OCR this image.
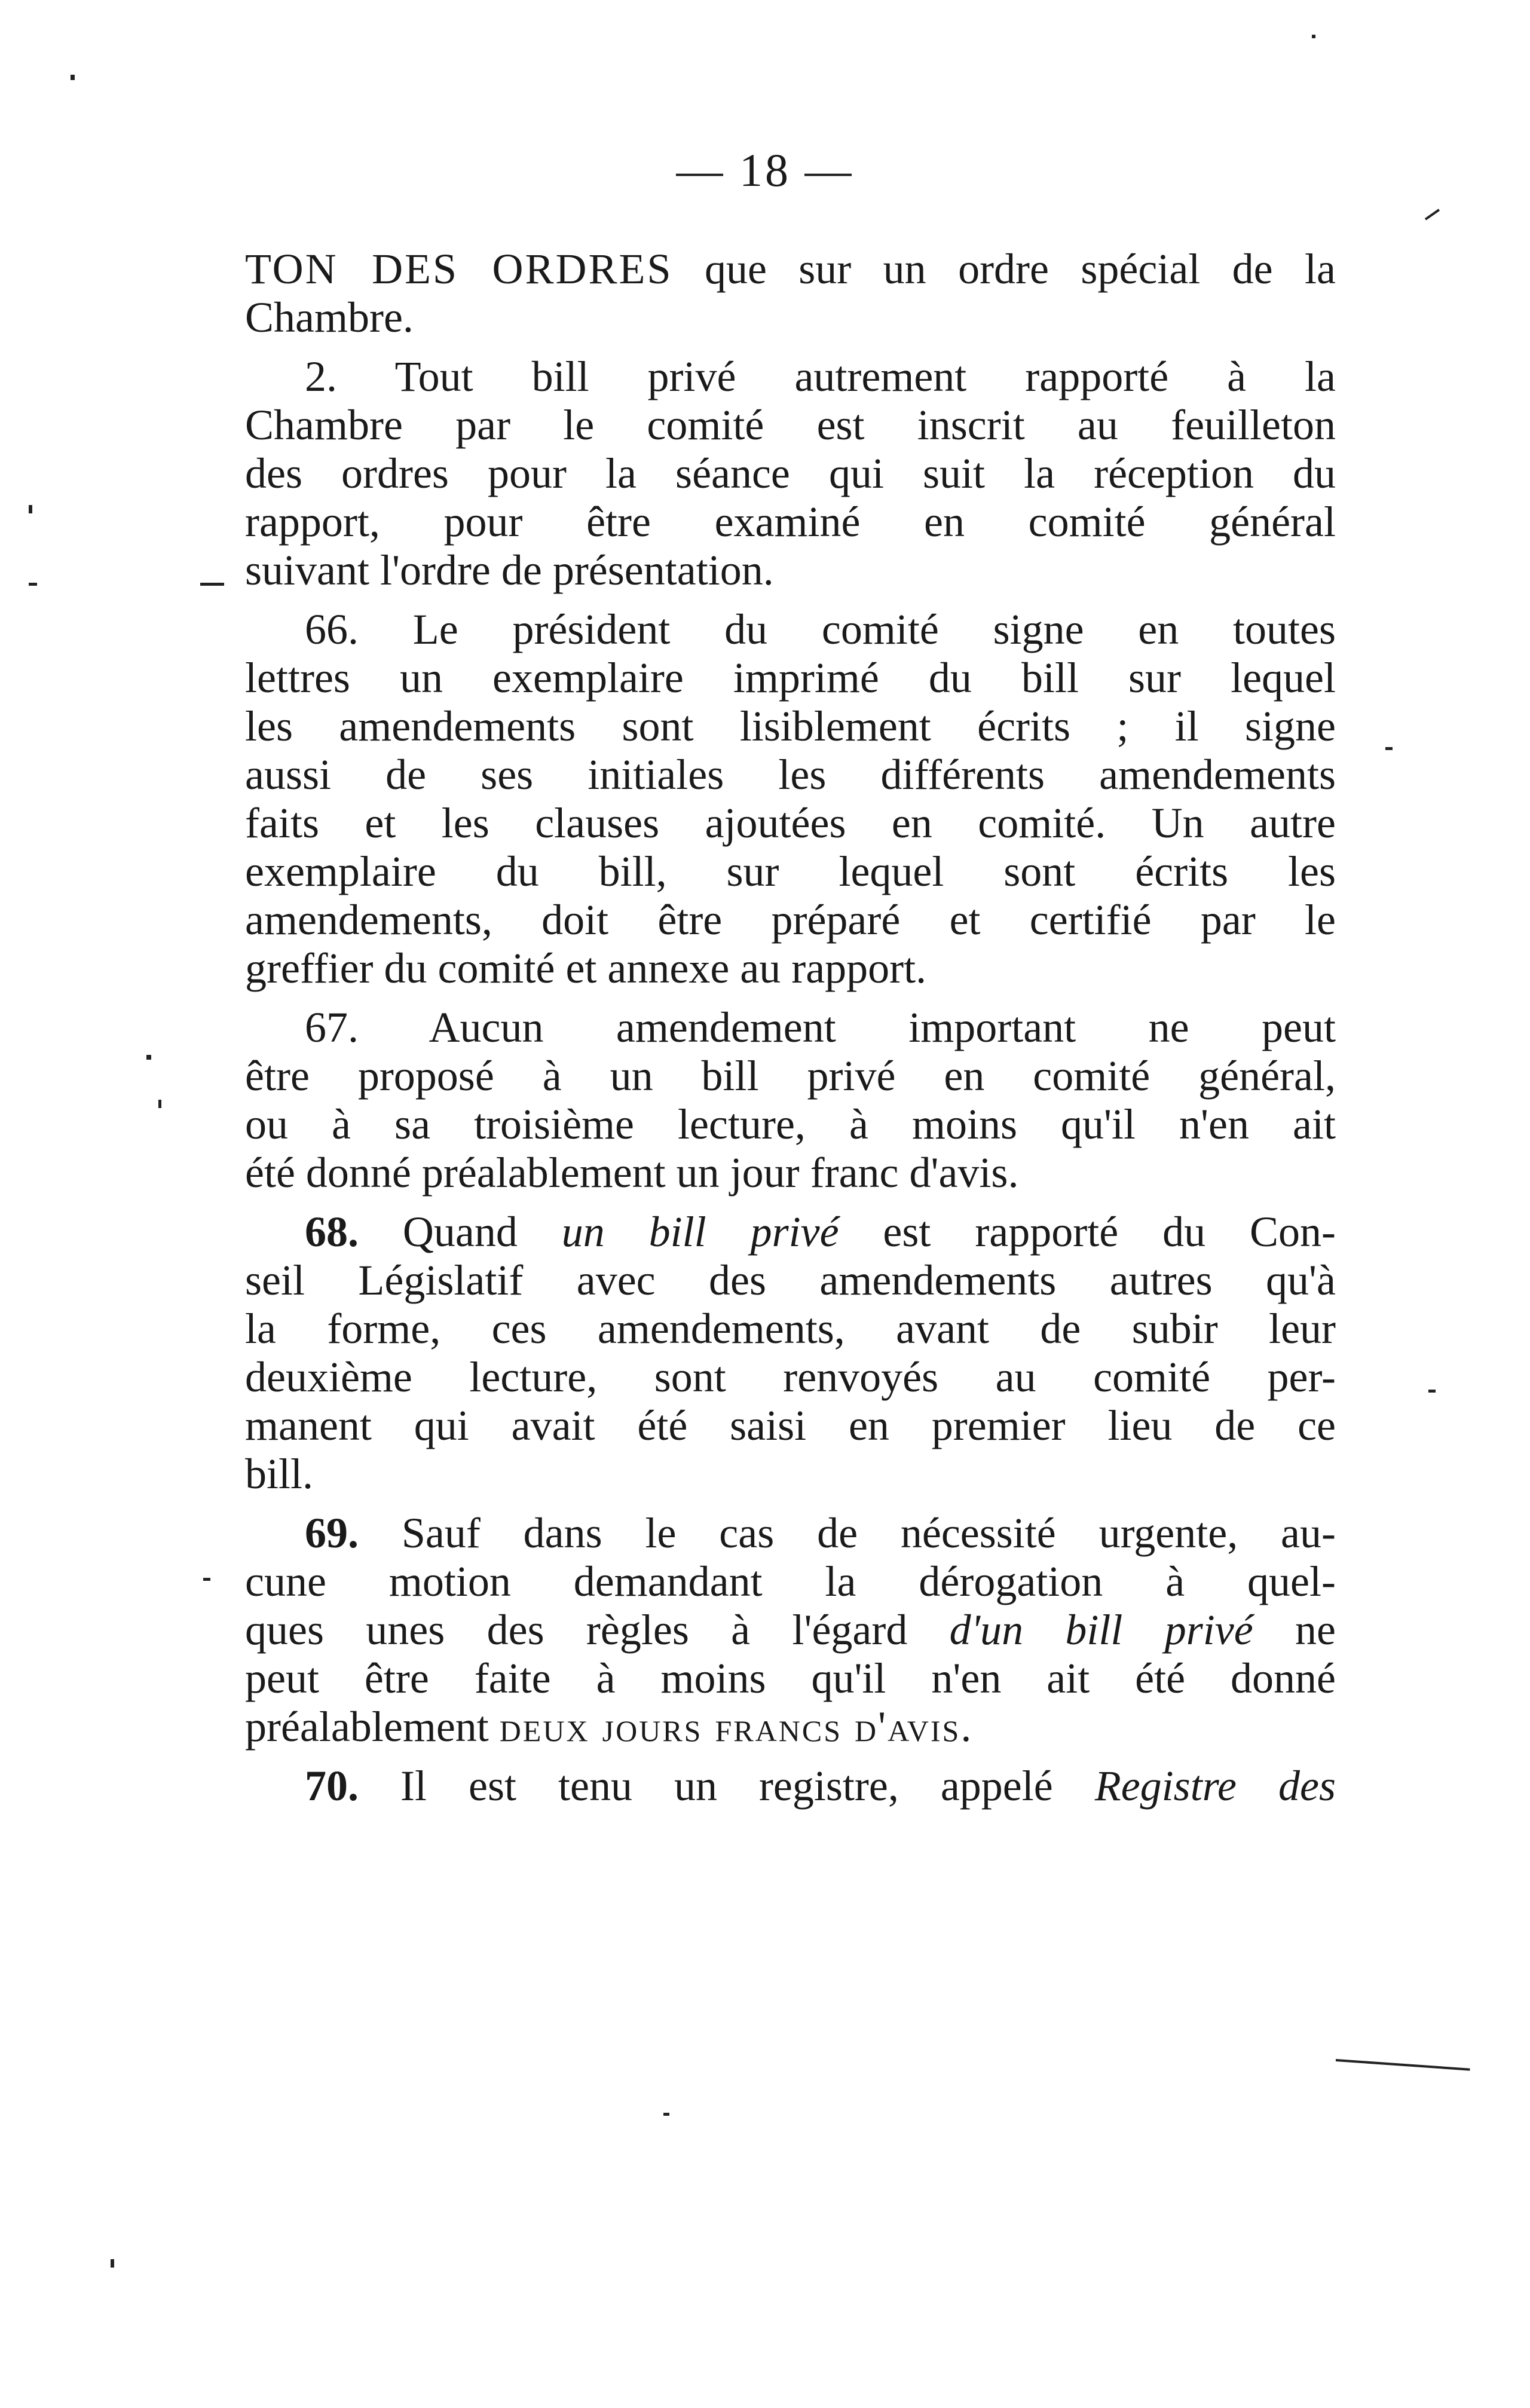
— 18 —
TON DES ORDRES que sur un ordre spécial de la
Chambre.
2. Tout bill privé autrement rapporté à la
Chambre par le comité est inscrit au feuilleton
des ordres pour la séance qui suit la réception du
rapport, pour être examiné en comité général
suivant l'ordre de présentation.
66. Le président du comité signe en toutes
lettres un exemplaire imprimé du bill sur lequel
les amendements sont lisiblement écrits ; il signe
aussi de ses initiales les différents amendements
faits et les clauses ajoutées en comité. Un autre
exemplaire du bill, sur lequel sont écrits les
amendements, doit être préparé et certifié par le
greffier du comité et annexe au rapport.
67. Aucun amendement important ne peut
être proposé à un bill privé en comité général,
ou à sa troisième lecture, à moins qu'il n'en ait
été donné préalablement un jour franc d'avis.
68. Quand un bill privé est rapporté du Con-
seil Législatif avec des amendements autres qu'à
la forme, ces amendements, avant de subir leur
deuxième lecture, sont renvoyés au comité per-
manent qui avait été saisi en premier lieu de ce
bill.
69. Sauf dans le cas de nécessité urgente, au-
cune motion demandant la dérogation à quel-
ques unes des règles à l'égard d'un bill privé ne
peut être faite à moins qu'il n'en ait été donné
préalablement deux jours francs d'avis.
70. Il est tenu un registre, appelé Registre des
